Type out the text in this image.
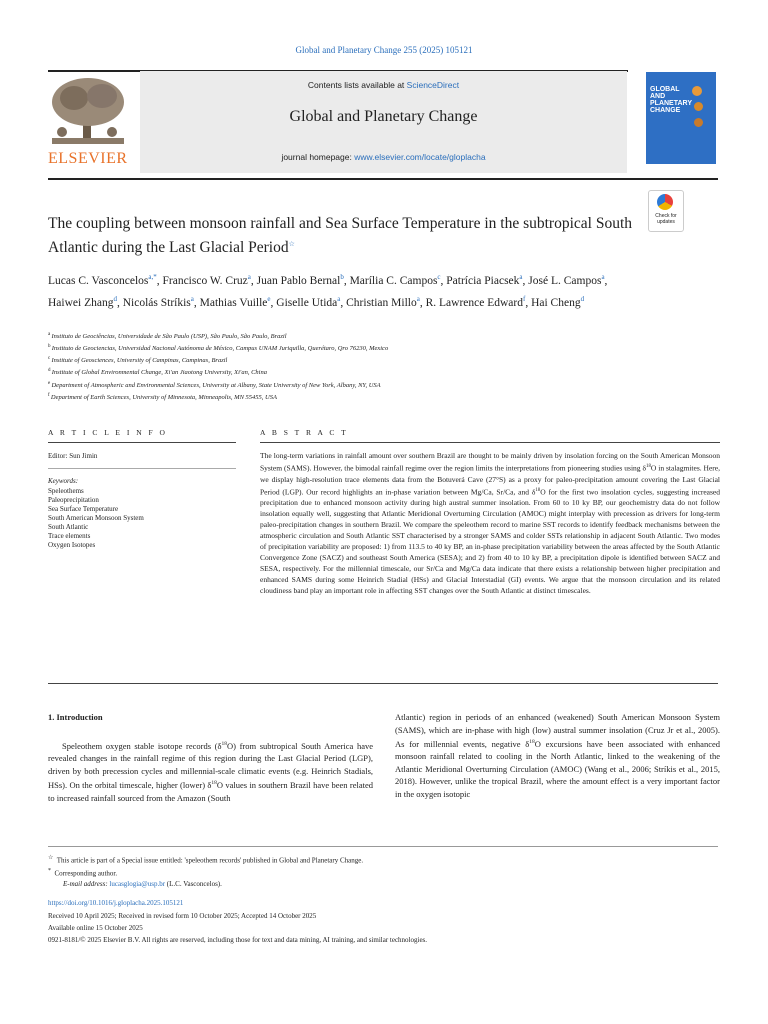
Global and Planetary Change 255 (2025) 105121
ELSEVIER
Contents lists available at ScienceDirect
Global and Planetary Change
journal homepage: www.elsevier.com/locate/gloplacha
GLOBAL AND PLANETARY CHANGE
Check for updates
The coupling between monsoon rainfall and Sea Surface Temperature in the subtropical South Atlantic during the Last Glacial Period☆
Lucas C. Vasconcelos$^{a,*}$, Francisco W. Cruz$^a$, Juan Pablo Bernal$^b$, Marília C. Campos$^c$, Patrícia Piacsek$^a$, José L. Campos$^a$, Haiwei Zhang$^d$, Nicolás Stríkis$^a$, Mathias Vuille$^e$, Giselle Utida$^a$, Christian Millo$^a$, R. Lawrence Edward$^f$, Hai Cheng$^d$
$^a$ Instituto de Geociências, Universidade de São Paulo (USP), São Paulo, São Paulo, Brazil
$^b$ Instituto de Geociencias, Universidad Nacional Autónoma de México, Campus UNAM Juriquilla, Querétaro, Qro 76230, Mexico
$^c$ Institute of Geosciences, University of Campinas, Campinas, Brazil
$^d$ Institute of Global Environmental Change, Xi'an Jiaotong University, Xi'an, China
$^e$ Department of Atmospheric and Environmental Sciences, University at Albany, State University of New York, Albany, NY, USA
$^f$ Department of Earth Sciences, University of Minnesota, Minneapolis, MN 55455, USA
A R T I C L E I N F O
Editor: Sun Jimin
Keywords:
Speleothems
Paleoprecipitation
Sea Surface Temperature
South American Monsoon System
South Atlantic
Trace elements
Oxygen Isotopes
A B S T R A C T
The long-term variations in rainfall amount over southern Brazil are thought to be mainly driven by insolation forcing on the South American Monsoon System (SAMS). However, the bimodal rainfall regime over the region limits the interpretations from pioneering studies using $\delta^{18}O$ in stalagmites. Here, we display high-resolution trace elements data from the Botuverá Cave (27°S) as a proxy for paleo-precipitation amount covering the Last Glacial Period (LGP). Our record highlights an in-phase variation between Mg/Ca, Sr/Ca, and $\delta^{18}O$ for the first two insolation cycles, suggesting increased precipitation due to enhanced monsoon activity during high austral summer insolation. From 60 to 10 ky BP, our geochemistry data do not follow insolation equally well, suggesting that Atlantic Meridional Overturning Circulation (AMOC) might interplay with precession as drivers for long-term paleo-precipitation changes in southern Brazil. We compare the speleothem record to marine SST records to identify feedback mechanisms between the atmospheric circulation and South Atlantic SST characterised by a stronger SAMS and colder SSTs relationship in adjacent South Atlantic. Two modes of precipitation variability are proposed: 1) from 113.5 to 40 ky BP, an in-phase precipitation variability between the areas affected by the South Atlantic Convergence Zone (SACZ) and southeast South America (SESA); and 2) from 40 to 10 ky BP, a precipitation dipole is identified between SACZ and SESA, respectively. For the millennial timescale, our Sr/Ca and Mg/Ca data indicate that there exists a relationship between higher precipitation and enhanced SAMS during some Heinrich Stadial (HSs) and Glacial Interstadial (GI) events. We argue that the monsoon circulation and its related cloudiness band play an important role in affecting SST changes over the South Atlantic at distinct timescales.
1. Introduction
Speleothem oxygen stable isotope records $(\delta^{18}O)$ from subtropical South America have revealed changes in the rainfall regime of this region during the Last Glacial Period (LGP), driven by both precession cycles and millennial-scale climatic events (e.g. Heinrich Stadials, HSs). On the orbital timescale, higher (lower) $\delta^{18}O$ values in southern Brazil have been related to increased rainfall sourced from the Amazon (South
Atlantic) region in periods of an enhanced (weakened) South American Monsoon System (SAMS), which are in-phase with high (low) austral summer insolation (Cruz Jr et al., 2005). As for millennial events, negative $\delta^{18}O$ excursions have been associated with enhanced monsoon rainfall related to cooling in the North Atlantic, linked to the weakening of the Atlantic Meridional Overturning Circulation (AMOC) (Wang et al., 2006; Stríkis et al., 2015, 2018). However, unlike the tropical Brazil, where the amount effect is a very important factor in the oxygen isotopic
☆ This article is part of a Special issue entitled: 'speleothem records' published in Global and Planetary Change.
* Corresponding author.
E-mail address: lucasglogia@usp.br (L.C. Vasconcelos).
https://doi.org/10.1016/j.gloplacha.2025.105121
Received 10 April 2025; Received in revised form 10 October 2025; Accepted 14 October 2025
Available online 15 October 2025
0921-8181/© 2025 Elsevier B.V. All rights are reserved, including those for text and data mining, AI training, and similar technologies.
